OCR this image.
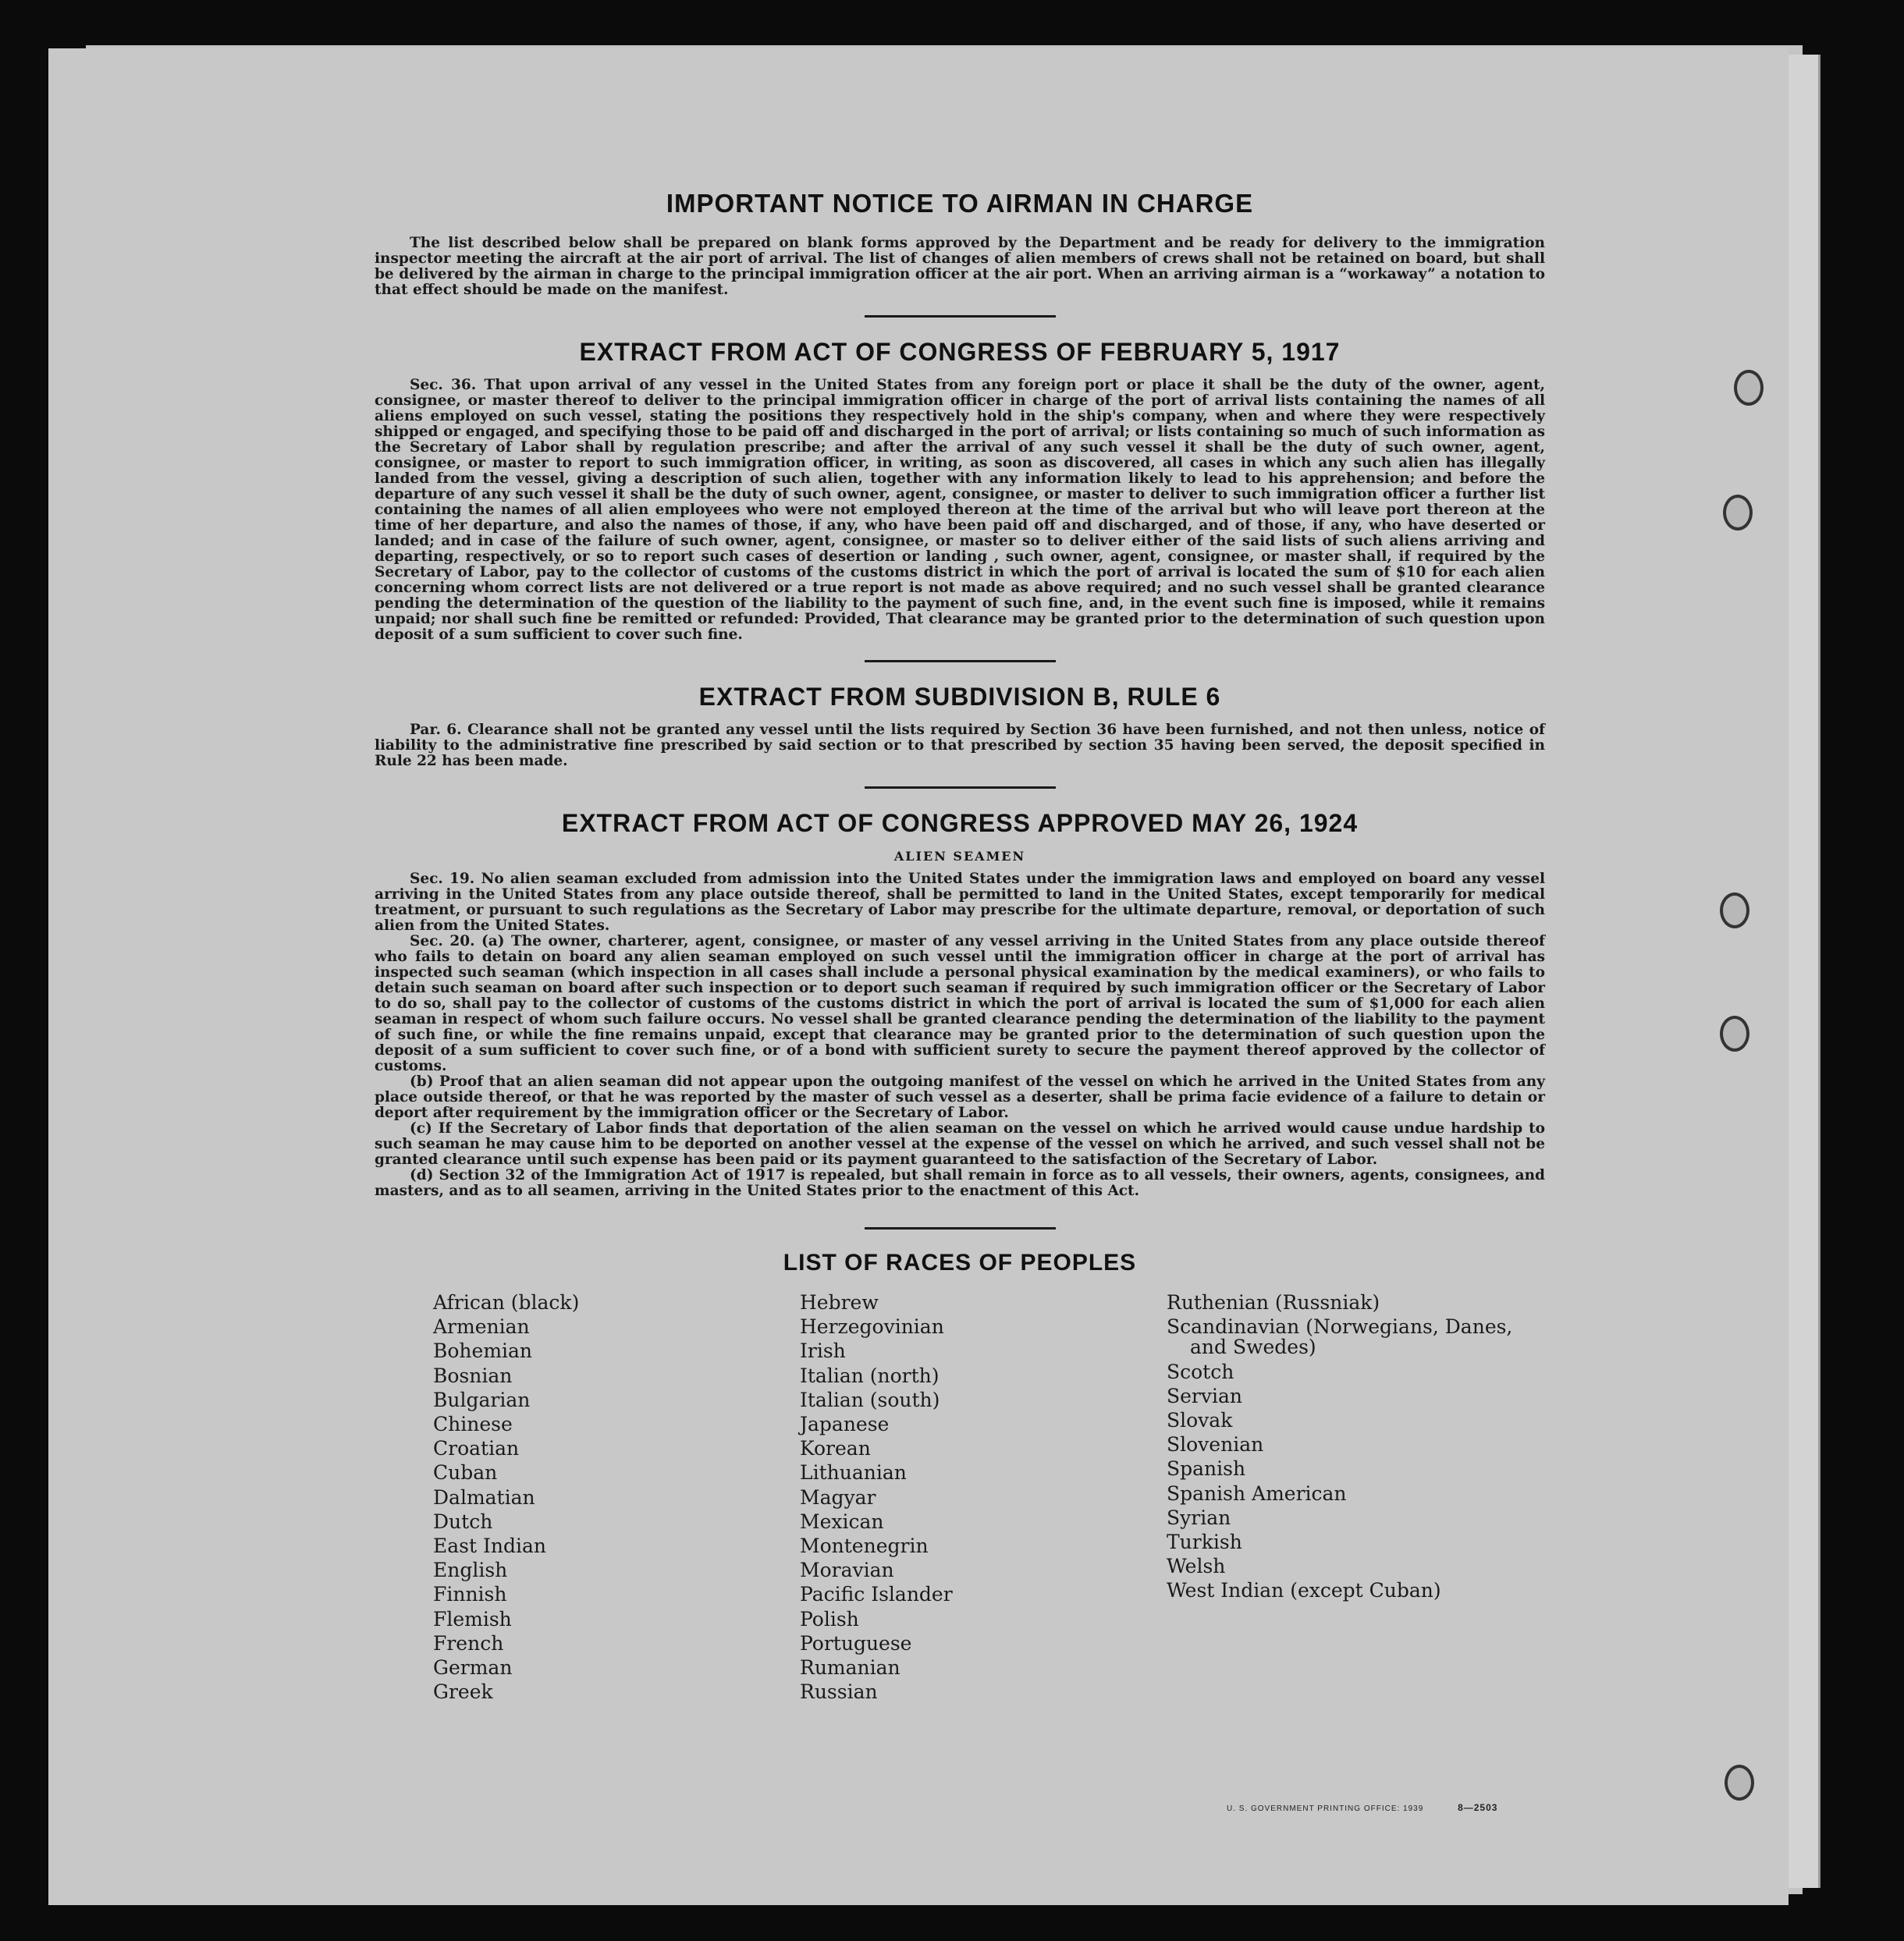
IMPORTANT NOTICE TO AIRMAN IN CHARGE

The list described below shall be prepared on blank forms approved by the Department and be ready for delivery to the immigration inspector meeting the aircraft at the air port of arrival. The list of changes of alien members of crews shall not be retained on board, but shall be delivered by the airman in charge to the principal immigration officer at the air port. When an arriving airman is a “workaway” a notation to that effect should be made on the manifest.

EXTRACT FROM ACT OF CONGRESS OF FEBRUARY 5, 1917

Sec. 36. That upon arrival of any vessel in the United States from any foreign port or place it shall be the duty of the owner, agent, consignee, or master thereof to deliver to the principal immigration officer in charge of the port of arrival lists containing the names of all aliens employed on such vessel, stating the positions they respectively hold in the ship's company, when and where they were respectively shipped or engaged, and specifying those to be paid off and discharged in the port of arrival; or lists containing so much of such information as the Secretary of Labor shall by regulation prescribe; and after the arrival of any such vessel it shall be the duty of such owner, agent, consignee, or master to report to such immigration officer, in writing, as soon as discovered, all cases in which any such alien has illegally landed from the vessel, giving a description of such alien, together with any information likely to lead to his apprehension; and before the departure of any such vessel it shall be the duty of such owner, agent, consignee, or master to deliver to such immigration officer a further list containing the names of all alien employees who were not employed thereon at the time of the arrival but who will leave port thereon at the time of her departure, and also the names of those, if any, who have been paid off and discharged, and of those, if any, who have deserted or landed; and in case of the failure of such owner, agent, consignee, or master so to deliver either of the said lists of such aliens arriving and departing, respectively, or so to report such cases of desertion or landing , such owner, agent, consignee, or master shall, if required by the Secretary of Labor, pay to the collector of customs of the customs district in which the port of arrival is located the sum of $10 for each alien concerning whom correct lists are not delivered or a true report is not made as above required; and no such vessel shall be granted clearance pending the determination of the question of the liability to the payment of such fine, and, in the event such fine is imposed, while it remains unpaid; nor shall such fine be remitted or refunded: Provided, That clearance may be granted prior to the determination of such question upon deposit of a sum sufficient to cover such fine.

EXTRACT FROM SUBDIVISION B, RULE 6

Par. 6. Clearance shall not be granted any vessel until the lists required by Section 36 have been furnished, and not then unless, notice of liability to the administrative fine prescribed by said section or to that prescribed by section 35 having been served, the deposit specified in Rule 22 has been made.

EXTRACT FROM ACT OF CONGRESS APPROVED MAY 26, 1924
ALIEN SEAMEN

Sec. 19. No alien seaman excluded from admission into the United States under the immigration laws and employed on board any vessel arriving in the United States from any place outside thereof, shall be permitted to land in the United States, except temporarily for medical treatment, or pursuant to such regulations as the Secretary of Labor may prescribe for the ultimate departure, removal, or deportation of such alien from the United States.

Sec. 20. (a) The owner, charterer, agent, consignee, or master of any vessel arriving in the United States from any place outside thereof who fails to detain on board any alien seaman employed on such vessel until the immigration officer in charge at the port of arrival has inspected such seaman (which inspection in all cases shall include a personal physical examination by the medical examiners), or who fails to detain such seaman on board after such inspection or to deport such seaman if required by such immigration officer or the Secretary of Labor to do so, shall pay to the collector of customs of the customs district in which the port of arrival is located the sum of $1,000 for each alien seaman in respect of whom such failure occurs. No vessel shall be granted clearance pending the determination of the liability to the payment of such fine, or while the fine remains unpaid, except that clearance may be granted prior to the determination of such question upon the deposit of a sum sufficient to cover such fine, or of a bond with sufficient surety to secure the payment thereof approved by the collector of customs.

(b) Proof that an alien seaman did not appear upon the outgoing manifest of the vessel on which he arrived in the United States from any place outside thereof, or that he was reported by the master of such vessel as a deserter, shall be prima facie evidence of a failure to detain or deport after requirement by the immigration officer or the Secretary of Labor.

(c) If the Secretary of Labor finds that deportation of the alien seaman on the vessel on which he arrived would cause undue hardship to such seaman he may cause him to be deported on another vessel at the expense of the vessel on which he arrived, and such vessel shall not be granted clearance until such expense has been paid or its payment guaranteed to the satisfaction of the Secretary of Labor.

(d) Section 32 of the Immigration Act of 1917 is repealed, but shall remain in force as to all vessels, their owners, agents, consignees, and masters, and as to all seamen, arriving in the United States prior to the enactment of this Act.

LIST OF RACES OF PEOPLES
African (black)
Armenian
Bohemian
Bosnian
Bulgarian
Chinese
Croatian
Cuban
Dalmatian
Dutch
East Indian
English
Finnish
Flemish
French
German
Greek
Hebrew
Herzegovinian
Irish
Italian (north)
Italian (south)
Japanese
Korean
Lithuanian
Magyar
Mexican
Montenegrin
Moravian
Pacific Islander
Polish
Portuguese
Rumanian
Russian
Ruthenian (Russniak)
Scandinavian (Norwegians, Danes,
and Swedes)
Scotch
Servian
Slovak
Slovenian
Spanish
Spanish American
Syrian
Turkish
Welsh
West Indian (except Cuban)
U. S. GOVERNMENT PRINTING OFFICE: 1939	8—2503
